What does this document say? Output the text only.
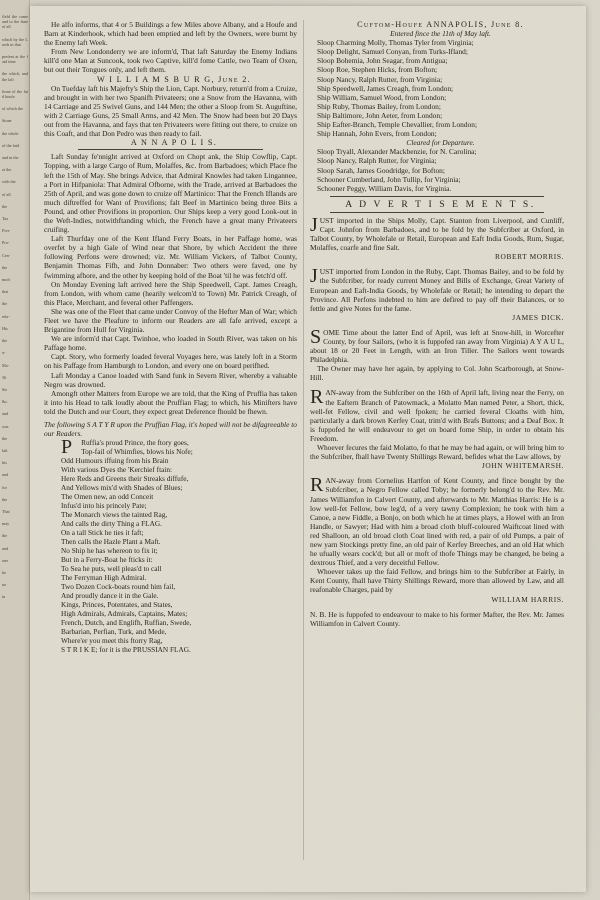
ffeld the came and to the ftate of all
which by the Lords in that
prefent at the faid time
the which, and the laft
ftone of the faid houfe
of which the
Stone
the whole
of the faid
and in the
at the
with the
of all
the
Tax
Five
Pro-
Cen-
the
moft
that
the
rela-
His
the
a-
Ma-
36
Sir
&c.
and
was
the
laft
his
and
for
the
That
may
the
and
one
be
no
in

He alfo informs, that 4 or 5 Buildings a few Miles above Albany, and a Houfe and Barn at Kinderhook, which had been emptied and left by the Owners, were burnt by the Enemy laft Week.

From New Londonderry we are inform'd, That laft Saturday the Enemy Indians kill'd one Man at Suncook, took two Captive, kill'd fome Cattle, two Team of Oxen, but out their Tongues only, and left them.

W I L L I A M S B U R G, June 2.

On Tuefday laft his Majefty's Ship the Lion, Capt. Norbury, return'd from a Cruize, and brought in with her two Spanifh Privateers; one a Snow from the Havanna, with 14 Carriage and 25 Swivel Guns, and 144 Men; the other a Sloop from St. Auguftine, with 2 Carriage Guns, 25 Small Arms, and 42 Men. The Snow had been but 20 Days out from the Havanna, and fays that ten Privateers were fitting out there, to cruize on this Coaft, and that Don Pedro was then ready to fail.

A N N A P O L I S.

Laft Sunday fe'nnight arrived at Oxford on Chopt ank, the Ship Cowflip, Capt. Topping, with a large Cargo of Rum, Molaffes, &c. from Barbadoes; which Place fhe left the 15th of May. She brings Advice, that Admiral Knowles had taken Lingannee, a Port in Hifpaniola: That Admiral Ofborne, with the Trade, arrived at Barbadoes the 25th of April, and was gone down to cruize off Martinico: That the French Iflands are much diftreffed for Want of Provifions; falt Beef in Martinico being three Bits a Pound, and other Provifions in proportion. Our Ships keep a very good Look-out in the Weft-Indies, notwithftanding which, the French have a great many Privateers cruifing.

Laft Thurfday one of the Kent Ifland Ferry Boats, in her Paffage home, was overfet by a high Gale of Wind near that Shore, by which Accident the three following Perfons were drowned; viz. Mr. William Vickers, of Talbot County, Benjamin Thomas Fifh, and John Donnaber: Two others were faved, one by fwimming afhore, and the other by keeping hold of the Boat 'til he was fetch'd off.

On Monday Evening laft arrived here the Ship Speedwell, Capt. James Creagh, from London, with whom came (hearily welcom'd to Town) Mr. Patrick Creagh, of this Place, Merchant, and feveral other Paffengers.

She was one of the Fleet that came under Convoy of the Hefter Man of War; which Fleet we have the Pleafure to inform our Readers are all fafe arrived, except a Brigantine from Hull for Virginia.

We are inform'd that Capt. Twinhoe, who loaded in South River, was taken on his Paffage home.

Capt. Story, who formerly loaded feveral Voyages here, was lately loft in a Storm on his Paffage from Hamburgh to London, and every one on board perifhed.

Laft Monday a Canoe loaded with Sand funk in Severn River, whereby a valuable Negro was drowned.

Amongft other Matters from Europe we are told, that the King of Pruffia has taken it into his Head to talk loudly about the Pruffian Flag; to which, his Minifters have told the Dutch and our Court, they expect great Deference fhould be fhewn.

The following S A T Y R upon the Pruffian Flag, it's hoped will not be difagreeable to our Readers.

P Ruffia's proud Prince, the ftory goes,

Top-fail of Whimfies, blows his Nofe;

Odd Humours iffuing from his Brain

With various Dyes the 'Kerchief ftain:

Here Reds and Greens their Streaks diffufe,

And Yellows mix'd with Shades of Blues;

The Omen new, an odd Conceit

Infus'd into his princely Pate;

The Monarch views the tainted Rag,

And calls the dirty Thing a FLAG.

On a tall Stick he ties it faft;

Then calls the Hazle Plant a Maft.

No Ship he has whereon to fix it;

But in a Ferry-Boat he fticks it:

To Sea he puts, well pleas'd to call

The Ferryman High Admiral.

Two Dozen Cock-boats round him fail,

And proudly dance it in the Gale.

Kings, Princes, Potentates, and States,

High Admirals, Admirals, Captains, Mates;

French, Dutch, and Englifh, Ruffian, Swede,

Barbarian, Perfian, Turk, and Mede,

Where'er you meet this ftorry Rag,

S T R I K E; for it is the PRUSSIAN FLAG.

Cuftom-Houfe ANNAPOLIS, June 8.

Entered fince the 11th of May laft.

Sloop Charming Molly, Thomas Tyler from Virginia;

Sloop Delight, Samuel Conyan, from Turks-Ifland;

Sloop Bohemia, John Seagar, from Antigua;

Sloop Roe, Stephen Hicks, from Bofton;

Sloop Nancy, Ralph Rutter, from Virginia;

Ship Speedwell, James Creagh, from London;

Ship William, Samuel Wood, from London;

Ship Ruby, Thomas Bailey, from London;

Ship Baltimore, John Aeter, from London;

Ship Eafter-Branch, Temple Chevallier, from London;

Ship Hannah, John Evers, from London;

Cleared for Departure.

Sloop Tryall, Alexander Mackbenzie, for N. Carolina;

Sloop Nancy, Ralph Rutter, for Virginia;

Sloop Sarah, James Goodridge, for Bofton;

Schooner Cumberland, John Tullip, for Virginia;

Schooner Peggy, William Davis, for Virginia.

A D V E R T I S E M E N T S.

JUST imported in the Ships Molly, Capt. Stanton from Liverpool, and Cunliff, Capt. Johnfon from Barbadoes, and to be fold by the Subfcriber at Oxford, in Talbot County, by Wholefale or Retail, European and Eaft India Goods, Rum, Sugar, Molaffes, coarfe and fine Salt.

ROBERT MORRIS.

JUST imported from London in the Ruby, Capt. Thomas Bailey, and to be fold by the Subfcriber, for ready current Money and Bills of Exchange, Great Variety of European and Eaft-India Goods, by Wholefale or Retail; he intending to depart the Province. All Perfons indebted to him are defired to pay off their Balances, or to fettle and give Notes for the fame.

JAMES DICK.

SOME Time about the latter End of April, was left at Snow-hill, in Worcefter County, by four Sailors, (who it is fuppofed ran away from Virginia) A Y A U L, about 18 or 20 Feet in Length, with an Iron Tiller. The Sailors went towards Philadelphia.

The Owner may have her again, by applying to Col. John Scarborough, at Snow-Hill.

RAN-away from the Subfcriber on the 16th of April laft, living near the Ferry, on the Eaftern Branch of Patowmack, a Molatto Man named Peter, a Short, thick, well-fet Fellow, civil and well fpoken; he carried feveral Cloaths with him, particularly a dark brown Kerfey Coat, trim'd with Brafs Buttons; and a Deaf Box. It is fuppofed he will endeavour to get on board fome Ship, in order to obtain his Freedom.

Whoever fecures the faid Molatto, fo that he may be had again, or will bring him to the Subfcriber, fhall have Twenty Shillings Reward, befides what the Law allows, by

JOHN WHITEMARSH.

RAN-away from Cornelius Hartfon of Kent County, and fince bought by the Subfcriber, a Negro Fellow called Toby; he formerly belong'd to the Rev. Mr. James Williamfon in Calvert County, and afterwards to Mr. Matthias Harris: He is a low well-fet Fellow, bow leg'd, of a very tawny Complexion; he took with him a Canoe, a new Fiddle, a Bonjo, on both which he at times plays, a Howel with an Iron Handle, or Sawyer; Had with him a broad cloth bluff-coloured Waiftcoat lined with red Shalloon, an old broad cloth Coat lined with red, a pair of old Pumps, a pair of new yarn Stockings pretty fine, an old pair of Kerfey Breeches, and an old Hat which he ufually wears cock'd; but all or moft of thofe Things may be changed, he being a dextrous Thief, and a very deceitful Fellow.

Whoever takes up the faid Fellow, and brings him to the Subfcriber at Fairly, in Kent County, fhall have Thirty Shillings Reward, more than allowed by Law, and all reafonable Charges, paid by

WILLIAM HARRIS.

N. B. He is fuppofed to endeavour to make to his former Mafter, the Rev. Mr. James Williamfon in Calvert County.
